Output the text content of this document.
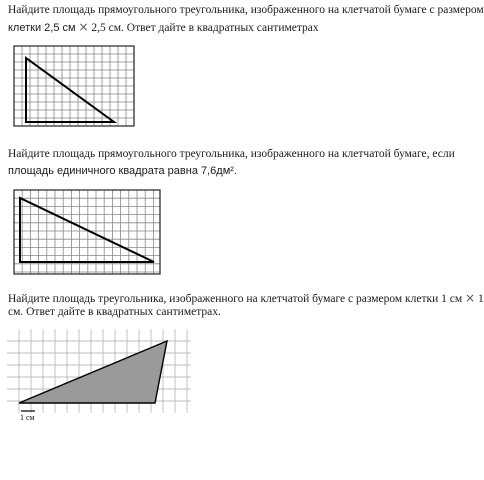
Найдите площадь прямоугольного треугольника, изображенного на клетчатой бумаге с размером
клетки 2,5 см × 2,5 см. Ответ дайте в квадратных сантиметрах
Найдите площадь прямоугольного треугольника, изображенного на клетчатой бумаге, если
площадь единичного квадрата равна 7,6дм².
Найдите площадь треугольника, изображенного на клетчатой бумаге с размером клетки 1 см × 1
см. Ответ дайте в квадратных сантиметрах.
1 см
